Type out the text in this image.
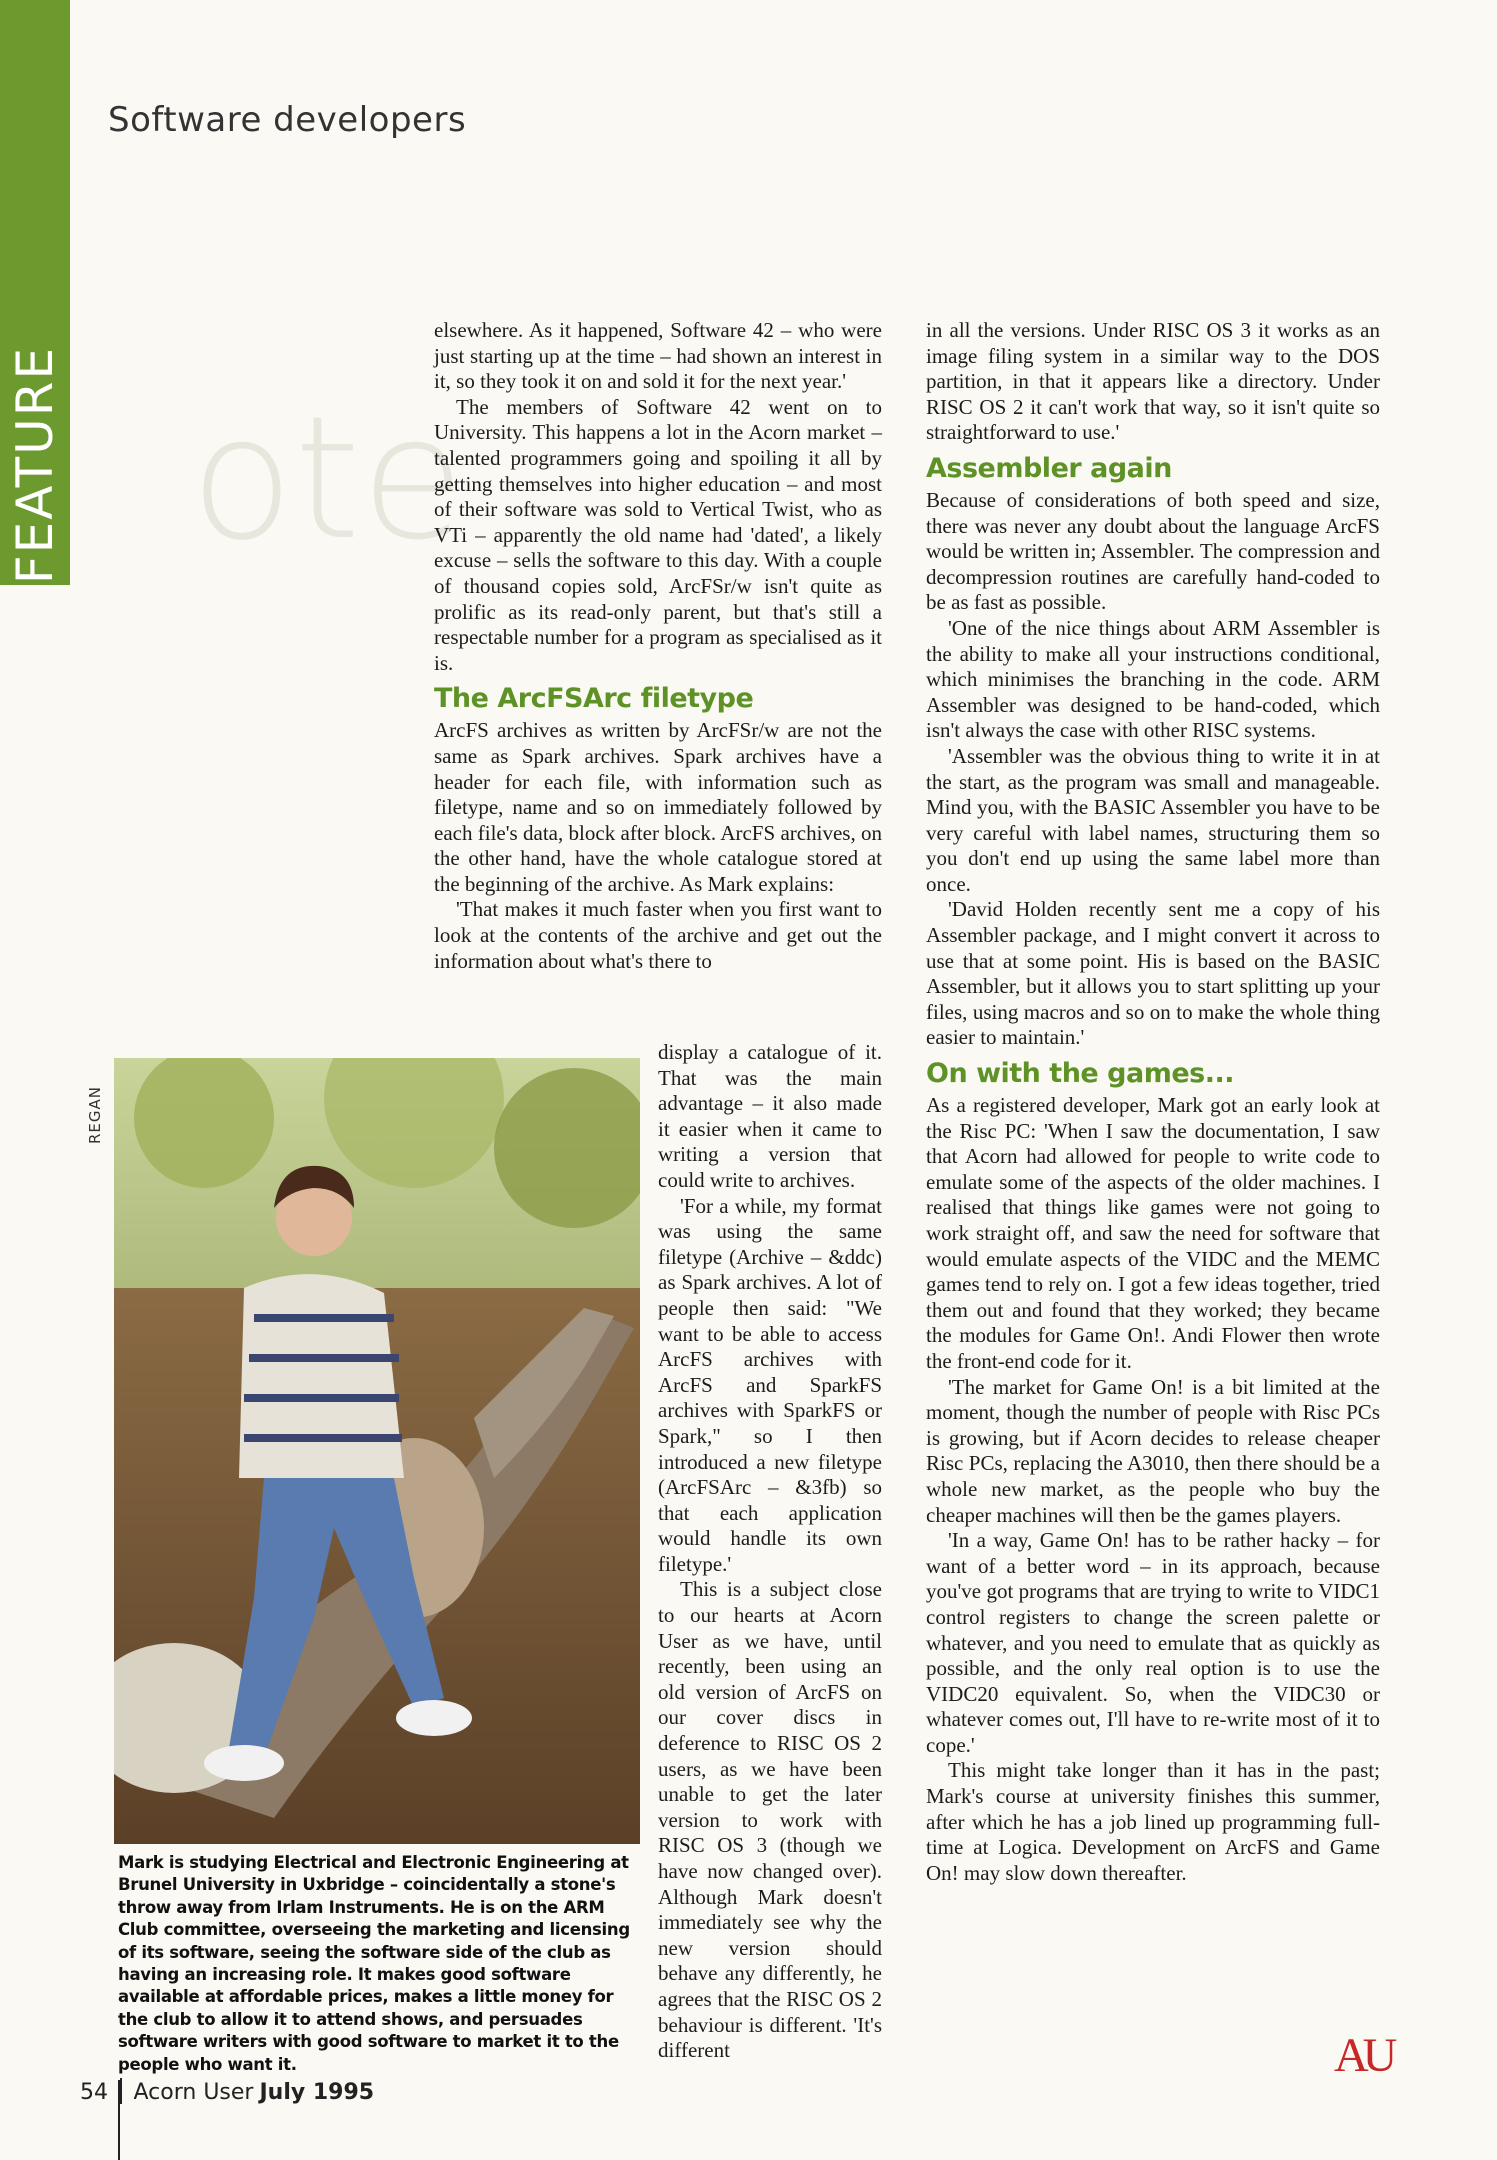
FEATURE
Software developers
ote
REGAN
Mark is studying Electrical and Electronic Engineering at Brunel University in Uxbridge – coincidentally a stone's throw away from Irlam Instruments. He is on the ARM Club committee, overseeing the marketing and licensing of its software, seeing the software side of the club as having an increasing role. It makes good software available at affordable prices, makes a little money for the club to allow it to attend shows, and persuades software writers with good software to market it to the people who want it.

elsewhere. As it happened, Software 42 – who were just starting up at the time – had shown an interest in it, so they took it on and sold it for the next year.'

The members of Software 42 went on to University. This happens a lot in the Acorn market – talented programmers going and spoiling it all by getting themselves into higher education – and most of their software was sold to Vertical Twist, who as VTi – apparently the old name had 'dated', a likely excuse – sells the software to this day. With a couple of thousand copies sold, ArcFSr/w isn't quite as prolific as its read-only parent, but that's still a respectable number for a program as specialised as it is.

The ArcFSArc filetype

ArcFS archives as written by ArcFSr/w are not the same as Spark archives. Spark archives have a header for each file, with information such as filetype, name and so on immediately followed by each file's data, block after block. ArcFS archives, on the other hand, have the whole catalogue stored at the beginning of the archive. As Mark explains:

'That makes it much faster when you first want to look at the contents of the archive and get out the information about what's there to

display a catalogue of it. That was the main advantage – it also made it easier when it came to writing a version that could write to archives.

'For a while, my format was using the same filetype (Archive – &ddc) as Spark archives. A lot of people then said: "We want to be able to access ArcFS archives with ArcFS and SparkFS archives with SparkFS or Spark," so I then introduced a new filetype (ArcFSArc – &3fb) so that each application would handle its own filetype.'

This is a subject close to our hearts at Acorn User as we have, until recently, been using an old version of ArcFS on our cover discs in deference to RISC OS 2 users, as we have been unable to get the later version to work with RISC OS 3 (though we have now changed over). Although Mark doesn't immediately see why the new version should behave any differently, he agrees that the RISC OS 2 behaviour is different. 'It's different

in all the versions. Under RISC OS 3 it works as an image filing system in a similar way to the DOS partition, in that it appears like a directory. Under RISC OS 2 it can't work that way, so it isn't quite so straightforward to use.'

Assembler again

Because of considerations of both speed and size, there was never any doubt about the language ArcFS would be written in; Assembler. The compression and decompression routines are carefully hand-coded to be as fast as possible.

'One of the nice things about ARM Assembler is the ability to make all your instructions conditional, which minimises the branching in the code. ARM Assembler was designed to be hand-coded, which isn't always the case with other RISC systems.

'Assembler was the obvious thing to write it in at the start, as the program was small and manageable. Mind you, with the BASIC Assembler you have to be very careful with label names, structuring them so you don't end up using the same label more than once.

'David Holden recently sent me a copy of his Assembler package, and I might convert it across to use that at some point. His is based on the BASIC Assembler, but it allows you to start splitting up your files, using macros and so on to make the whole thing easier to maintain.'

On with the games...

As a registered developer, Mark got an early look at the Risc PC: 'When I saw the documentation, I saw that Acorn had allowed for people to write code to emulate some of the aspects of the older machines. I realised that things like games were not going to work straight off, and saw the need for software that would emulate aspects of the VIDC and the MEMC games tend to rely on. I got a few ideas together, tried them out and found that they worked; they became the modules for Game On!. Andi Flower then wrote the front-end code for it.

'The market for Game On! is a bit limited at the moment, though the number of people with Risc PCs is growing, but if Acorn decides to release cheaper Risc PCs, replacing the A3010, then there should be a whole new market, as the people who buy the cheaper machines will then be the games players.

'In a way, Game On! has to be rather hacky – for want of a better word – in its approach, because you've got programs that are trying to write to VIDC1 control registers to change the screen palette or whatever, and you need to emulate that as quickly as possible, and the only real option is to use the VIDC20 equivalent. So, when the VIDC30 or whatever comes out, I'll have to re-write most of it to cope.'

This might take longer than it has in the past; Mark's course at university finishes this summer, after which he has a job lined up programming full-time at Logica. Development on ArcFS and Game On! may slow down thereafter.

AU
54 Acorn User July 1995
